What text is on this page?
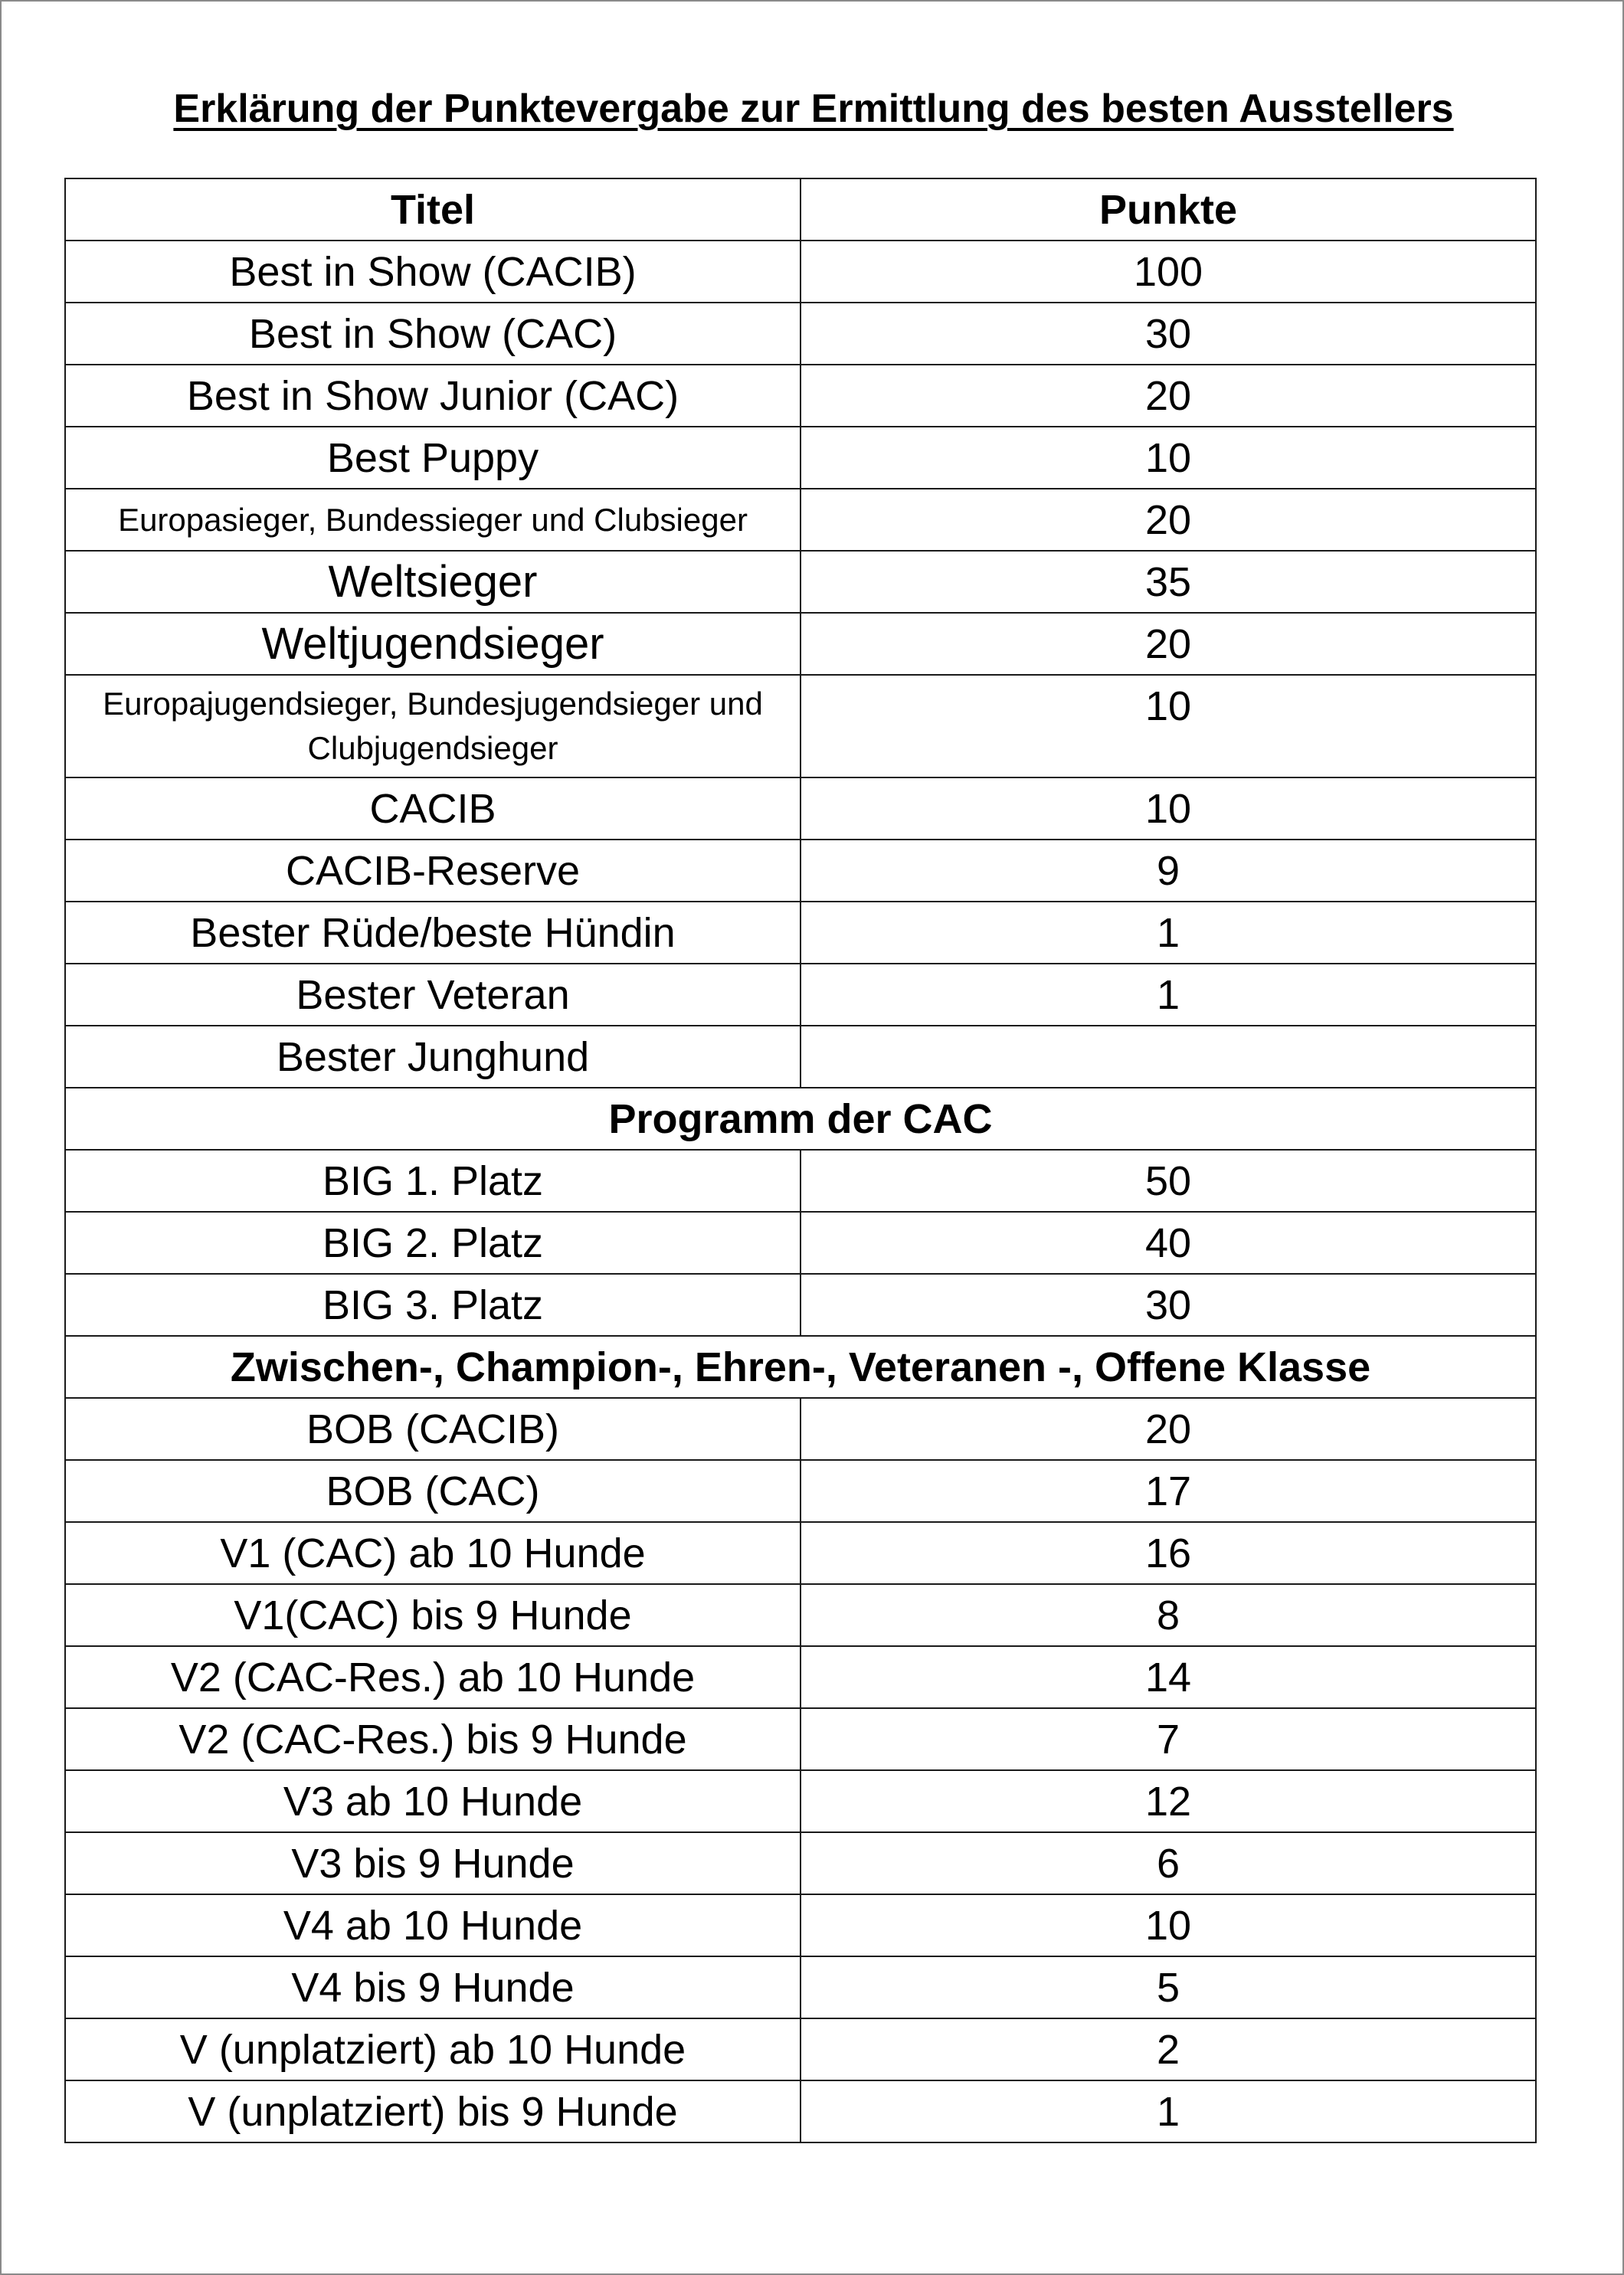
Erklärung der Punktevergabe zur Ermittlung des besten Ausstellers
Titel	Punkte
Best in Show (CACIB)	100
Best in Show (CAC)	30
Best in Show Junior (CAC)	20
Best Puppy	10
Europasieger, Bundessieger und Clubsieger	20
Weltsieger	35
Weltjugendsieger	20
Europajugendsieger, Bundesjugendsieger und Clubjugendsieger	10
CACIB	10
CACIB-Reserve	9
Bester Rüde/beste Hündin	1
Bester Veteran	1
Bester Junghund	
Programm der CAC	
BIG 1. Platz	50
BIG 2. Platz	40
BIG 3. Platz	30
Zwischen-, Champion-, Ehren-, Veteranen -, Offene Klasse	
BOB (CACIB)	20
BOB (CAC)	17
V1 (CAC) ab 10 Hunde	16
V1(CAC) bis 9 Hunde	8
V2 (CAC-Res.) ab 10 Hunde	14
V2 (CAC-Res.) bis 9 Hunde	7
V3 ab 10 Hunde	12
V3 bis 9 Hunde	6
V4 ab 10 Hunde	10
V4 bis 9 Hunde	5
V (unplatziert) ab 10 Hunde	2
V (unplatziert) bis 9 Hunde	1
